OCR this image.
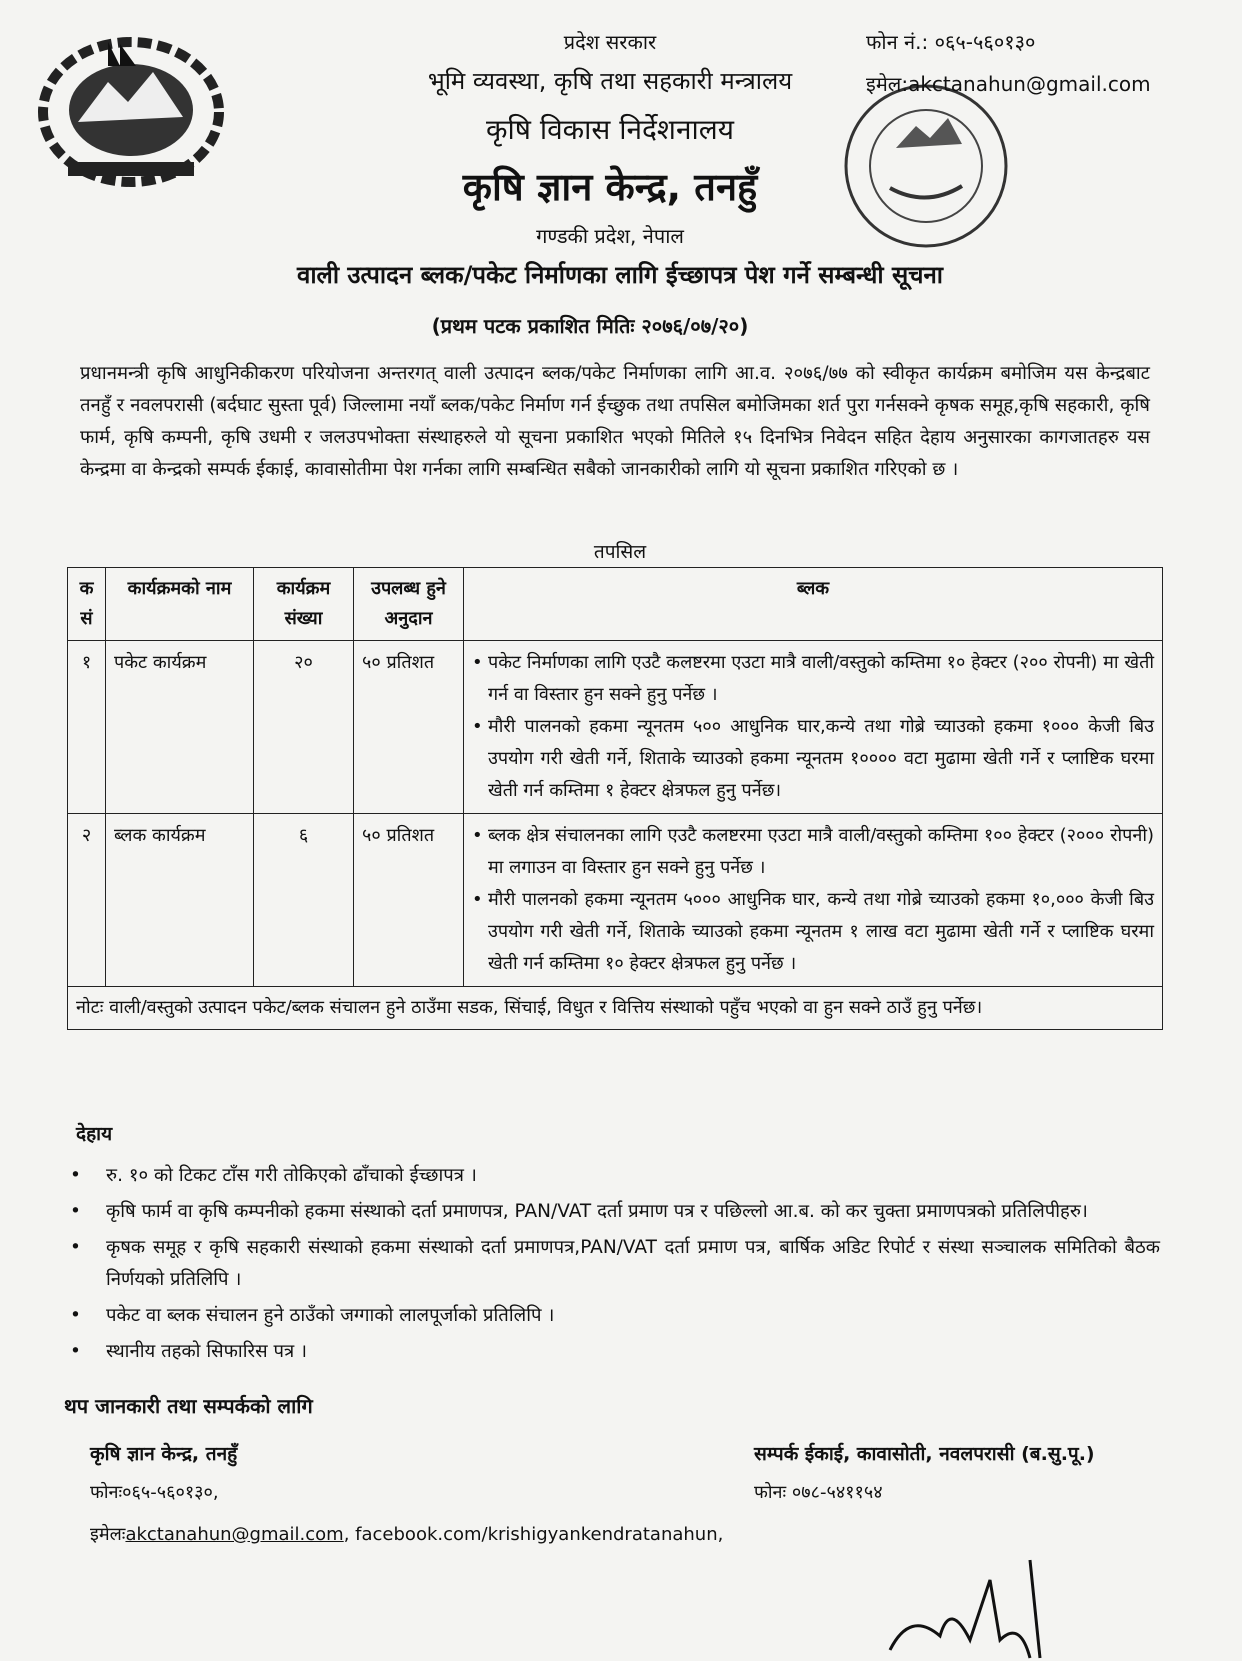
प्रदेश सरकार
भूमि व्यवस्था, कृषि तथा सहकारी मन्त्रालय
कृषि विकास निर्देशनालय
कृषि ज्ञान केन्द्र, तनहुँ
गण्डकी प्रदेश, नेपाल
फोन नं.: ०६५-५६०१३०
इमेल:akctanahun@gmail.com
वाली उत्पादन ब्लक/पकेट निर्माणका लागि ईच्छापत्र पेश गर्ने सम्बन्धी सूचना
(प्रथम पटक प्रकाशित मितिः २०७६/०७/२०)
प्रधानमन्त्री कृषि आधुनिकीकरण परियोजना अन्तरगत् वाली उत्पादन ब्लक/पकेट निर्माणका लागि आ.व. २०७६/७७ को स्वीकृत कार्यक्रम बमोजिम यस केन्द्रबाट तनहुँ र नवलपरासी (बर्दघाट सुस्ता पूर्व) जिल्लामा नयाँ ब्लक/पकेट निर्माण गर्न ईच्छुक तथा तपसिल बमोजिमका शर्त पुरा गर्नसक्ने कृषक समूह,कृषि सहकारी, कृषि फार्म, कृषि कम्पनी, कृषि उधमी र जलउपभोक्ता संस्थाहरुले यो सूचना प्रकाशित भएको मितिले १५ दिनभित्र निवेदन सहित देहाय अनुसारका कागजातहरु यस केन्द्रमा वा केन्द्रको सम्पर्क ईकाई, कावासोतीमा पेश गर्नका लागि सम्बन्धित सबैको जानकारीको लागि यो सूचना प्रकाशित गरिएको छ ।
तपसिल
क सं	कार्यक्रमको नाम	कार्यक्रम संख्या	उपलब्ध हुने अनुदान	ब्लक
१	पकेट कार्यक्रम	२०	५० प्रतिशत	• पकेट निर्माणका लागि एउटै कलष्टरमा एउटा मात्रै वाली/वस्तुको कम्तिमा १० हेक्टर (२०० रोपनी) मा खेती गर्न वा विस्तार हुन सक्ने हुनु पर्नेछ ।
• मौरी पालनको हकमा न्यूनतम ५०० आधुनिक घार,कन्ये तथा गोब्रे च्याउको हकमा १००० केजी बिउ उपयोग गरी खेती गर्ने, शिताके च्याउको हकमा न्यूनतम १०००० वटा मुढामा खेती गर्ने र प्लाष्टिक घरमा खेती गर्न कम्तिमा १ हेक्टर क्षेत्रफल हुनु पर्नेछ।

२	ब्लक कार्यक्रम	६	५० प्रतिशत	• ब्लक क्षेत्र संचालनका लागि एउटै कलष्टरमा एउटा मात्रै वाली/वस्तुको कम्तिमा १०० हेक्टर (२००० रोपनी) मा लगाउन वा विस्तार हुन सक्ने हुनु पर्नेछ ।
• मौरी पालनको हकमा न्यूनतम ५००० आधुनिक घार, कन्ये तथा गोब्रे च्याउको हकमा १०,००० केजी बिउ उपयोग गरी खेती गर्ने, शिताके च्याउको हकमा न्यूनतम १ लाख वटा मुढामा खेती गर्ने र प्लाष्टिक घरमा खेती गर्न कम्तिमा १० हेक्टर क्षेत्रफल हुनु पर्नेछ ।

नोटः वाली/वस्तुको उत्पादन पकेट/ब्लक संचालन हुने ठाउँमा सडक, सिंचाई, विधुत र वित्तिय संस्थाको पहुँच भएको वा हुन सक्ने ठाउँ हुनु पर्नेछ।				
देहाय
• रु. १० को टिकट टाँस गरी तोकिएको ढाँचाको ईच्छापत्र ।
• कृषि फार्म वा कृषि कम्पनीको हकमा संस्थाको दर्ता प्रमाणपत्र, PAN/VAT दर्ता प्रमाण पत्र र पछिल्लो आ.ब. को कर चुक्ता प्रमाणपत्रको प्रतिलिपीहरु।
• कृषक समूह र कृषि सहकारी संस्थाको हकमा संस्थाको दर्ता प्रमाणपत्र,PAN/VAT दर्ता प्रमाण पत्र, बार्षिक अडिट रिपोर्ट र संस्था सञ्चालक समितिको बैठक निर्णयको प्रतिलिपि ।
• पकेट वा ब्लक संचालन हुने ठाउँको जग्गाको लालपूर्जाको प्रतिलिपि ।
• स्थानीय तहको सिफारिस पत्र ।
थप जानकारी तथा सम्पर्कको लागि
कृषि ज्ञान केन्द्र, तनहुँ
फोनः०६५-५६०१३०,
इमेलःakctanahun@gmail.com, facebook.com/krishigyankendratanahun,
सम्पर्क ईकाई, कावासोती, नवलपरासी (ब.सु.पू.)
फोनः ०७८-५४११५४
